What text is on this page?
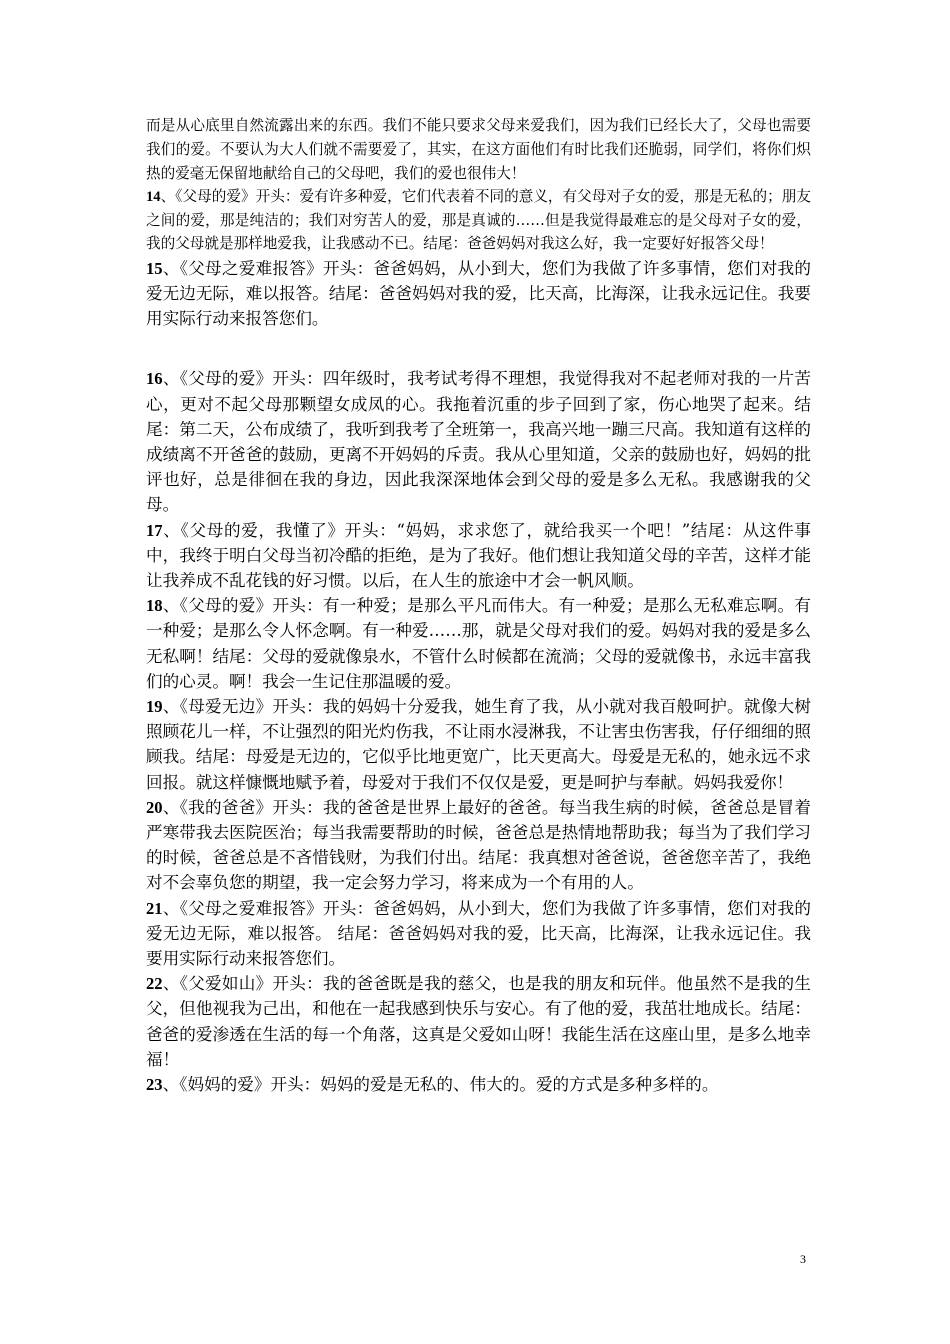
而是从心底里自然流露出来的东西。我们不能只要求父母来爱我们，因为我们已经长大了，父母也需要我们的爱。不要认为大人们就不需要爱了，其实，在这方面他们有时比我们还脆弱，同学们，将你们炽热的爱毫无保留地献给自己的父母吧，我们的爱也很伟大！

14、《父母的爱》开头：爱有许多种爱，它们代表着不同的意义，有父母对子女的爱，那是无私的；朋友之间的爱，那是纯洁的；我们对穷苦人的爱，那是真诚的……但是我觉得最难忘的是父母对子女的爱，我的父母就是那样地爱我，让我感动不已。结尾：爸爸妈妈对我这么好，我一定要好好报答父母！

15、《父母之爱难报答》开头：爸爸妈妈，从小到大，您们为我做了许多事情，您们对我的爱无边无际，难以报答。结尾：爸爸妈妈对我的爱，比天高，比海深，让我永远记住。我要用实际行动来报答您们。

16、《父母的爱》开头：四年级时，我考试考得不理想，我觉得我对不起老师对我的一片苦心，更对不起父母那颗望女成凤的心。我拖着沉重的步子回到了家，伤心地哭了起来。结尾：第二天，公布成绩了，我听到我考了全班第一，我高兴地一蹦三尺高。我知道有这样的成绩离不开爸爸的鼓励，更离不开妈妈的斥责。我从心里知道，父亲的鼓励也好，妈妈的批评也好，总是徘徊在我的身边，因此我深深地体会到父母的爱是多么无私。我感谢我的父母。

17、《父母的爱，我懂了》开头：“妈妈，求求您了，就给我买一个吧！”结尾：从这件事中，我终于明白父母当初冷酷的拒绝，是为了我好。他们想让我知道父母的辛苦，这样才能让我养成不乱花钱的好习惯。以后，在人生的旅途中才会一帆风顺。

18、《父母的爱》开头：有一种爱；是那么平凡而伟大。有一种爱；是那么无私难忘啊。有一种爱；是那么令人怀念啊。有一种爱……那，就是父母对我们的爱。妈妈对我的爱是多么无私啊！结尾：父母的爱就像泉水，不管什么时候都在流淌；父母的爱就像书，永远丰富我们的心灵。啊！我会一生记住那温暖的爱。

19、《母爱无边》开头：我的妈妈十分爱我，她生育了我，从小就对我百般呵护。就像大树照顾花儿一样，不让强烈的阳光灼伤我，不让雨水浸淋我，不让害虫伤害我，仔仔细细的照顾我。结尾：母爱是无边的，它似乎比地更宽广，比天更高大。母爱是无私的，她永远不求回报。就这样慷慨地赋予着，母爱对于我们不仅仅是爱，更是呵护与奉献。妈妈我爱你！

20、《我的爸爸》开头：我的爸爸是世界上最好的爸爸。每当我生病的时候，爸爸总是冒着严寒带我去医院医治；每当我需要帮助的时候，爸爸总是热情地帮助我；每当为了我们学习的时候，爸爸总是不吝惜钱财，为我们付出。结尾：我真想对爸爸说，爸爸您辛苦了，我绝对不会辜负您的期望，我一定会努力学习，将来成为一个有用的人。

21、《父母之爱难报答》开头：爸爸妈妈，从小到大，您们为我做了许多事情，您们对我的爱无边无际，难以报答。 结尾：爸爸妈妈对我的爱，比天高，比海深，让我永远记住。我要用实际行动来报答您们。

22、《父爱如山》开头：我的爸爸既是我的慈父，也是我的朋友和玩伴。他虽然不是我的生父，但他视我为己出，和他在一起我感到快乐与安心。有了他的爱，我茁壮地成长。结尾：爸爸的爱渗透在生活的每一个角落，这真是父爱如山呀！我能生活在这座山里，是多么地幸福！

23、《妈妈的爱》开头：妈妈的爱是无私的、伟大的。爱的方式是多种多样的。

3
